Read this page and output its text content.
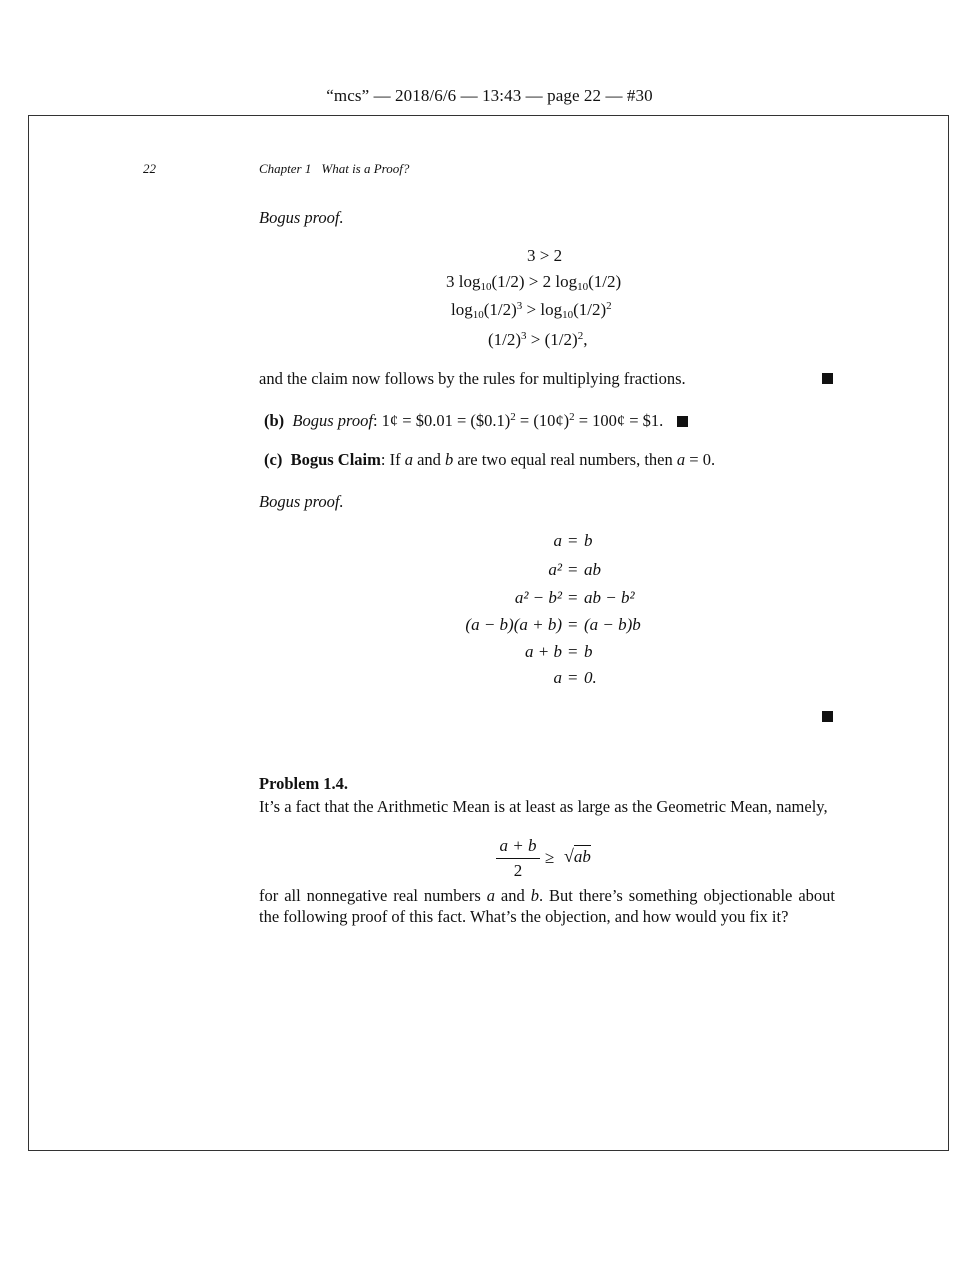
“mcs” — 2018/6/6 — 13:43 — page 22 — #30
22	Chapter 1 What is a Proof?
Bogus proof.
3 > 2
3 $\log_{10}(1/2) > 2$ $\log_{10}(1/2)$
$\log_{10}(1/2)^3 > \log_{10}(1/2)^2$
$(1/2)^3 > (1/2)^2$,
and the claim now follows by the rules for multiplying fractions.
(b) Bogus proof: 1¢ = $0.01 = ($0.1)$^2$ = (10¢)$^2$ = 100¢ = $1.
(c) Bogus Claim: If a and b are two equal real numbers, then a = 0.
Bogus proof.
a = b
a² = ab
a² − b² = ab − b²
(a − b)(a + b) = (a − b)b
a + b = b
a = 0.
Problem 1.4.
It’s a fact that the Arithmetic Mean is at least as large as the Geometric Mean, namely,
a + b
2
≥ √ab
for all nonnegative real numbers a and b. But there’s something objectionable about the following proof of this fact. What’s the objection, and how would you fix it?
